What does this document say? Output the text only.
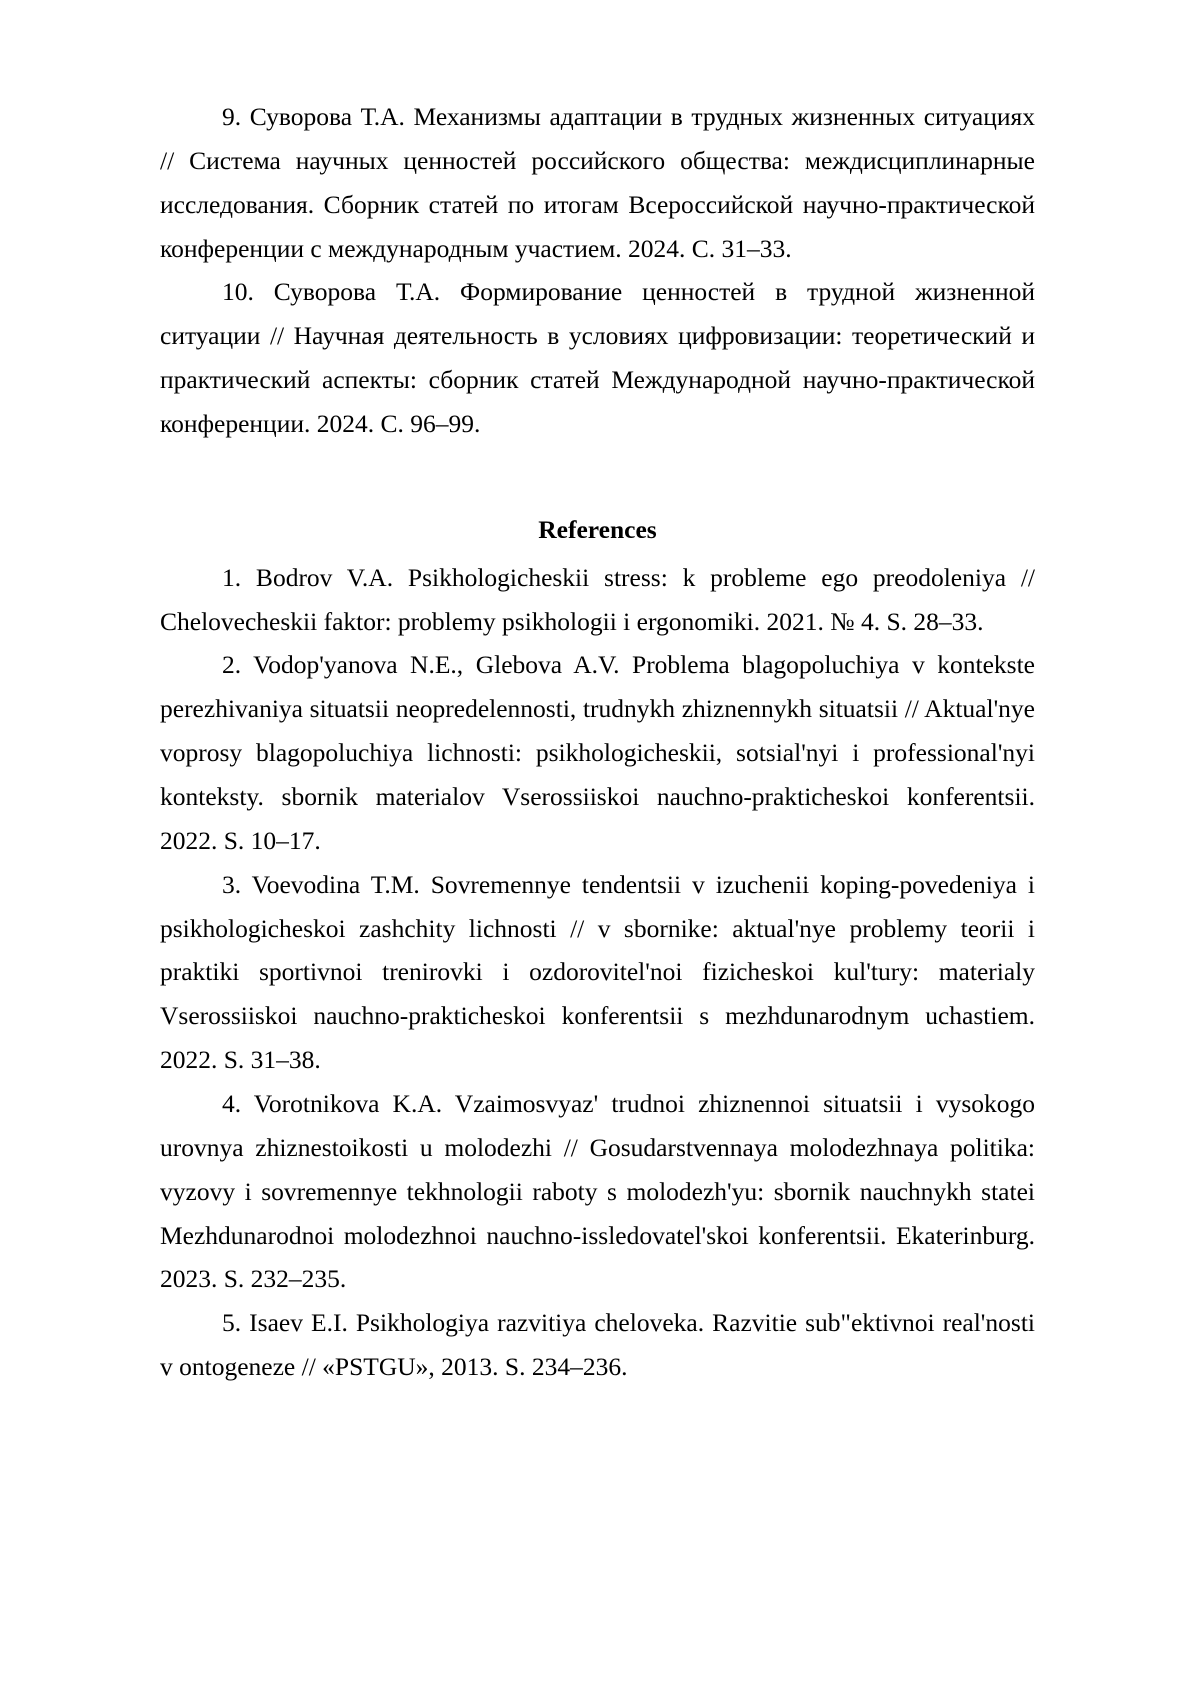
9. Суворова Т.А. Механизмы адаптации в трудных жизненных ситуациях // Система научных ценностей российского общества: междисциплинарные исследования. Сборник статей по итогам Всероссийской научно-практической конференции с международным участием. 2024. С. 31–33.

10. Суворова Т.А. Формирование ценностей в трудной жизненной ситуации // Научная деятельность в условиях цифровизации: теоретический и практический аспекты: сборник статей Международной научно-практической конференции. 2024. С. 96–99.

References

1. Bodrov V.A. Psikhologicheskii stress: k probleme ego preodoleniya // Chelovecheskii faktor: problemy psikhologii i ergonomiki. 2021. № 4. S. 28–33.

2. Vodop'yanova N.E., Glebova A.V. Problema blagopoluchiya v kontekste perezhivaniya situatsii neopredelennosti, trudnykh zhiznennykh situatsii // Aktual'nye voprosy blagopoluchiya lichnosti: psikhologicheskii, sotsial'nyi i professional'nyi konteksty. sbornik materialov Vserossiiskoi nauchno-prakticheskoi konferentsii. 2022. S. 10–17.

3. Voevodina T.M. Sovremennye tendentsii v izuchenii koping-povedeniya i psikhologicheskoi zashchity lichnosti // v sbornike: aktual'nye problemy teorii i praktiki sportivnoi trenirovki i ozdorovitel'noi fizicheskoi kul'tury: materialy Vserossiiskoi nauchno-prakticheskoi konferentsii s mezhdunarodnym uchastiem. 2022. S. 31–38.

4. Vorotnikova K.A. Vzaimosvyaz' trudnoi zhiznennoi situatsii i vysokogo urovnya zhiznestoikosti u molodezhi // Gosudarstvennaya molodezhnaya politika: vyzovy i sovremennye tekhnologii raboty s molodezh'yu: sbornik nauchnykh statei Mezhdunarodnoi molodezhnoi nauchno-issledovatel'skoi konferentsii. Ekaterinburg. 2023. S. 232–235.

5. Isaev E.I. Psikhologiya razvitiya cheloveka. Razvitie sub"ektivnoi real'nosti v ontogeneze // «PSTGU», 2013. S. 234–236.
